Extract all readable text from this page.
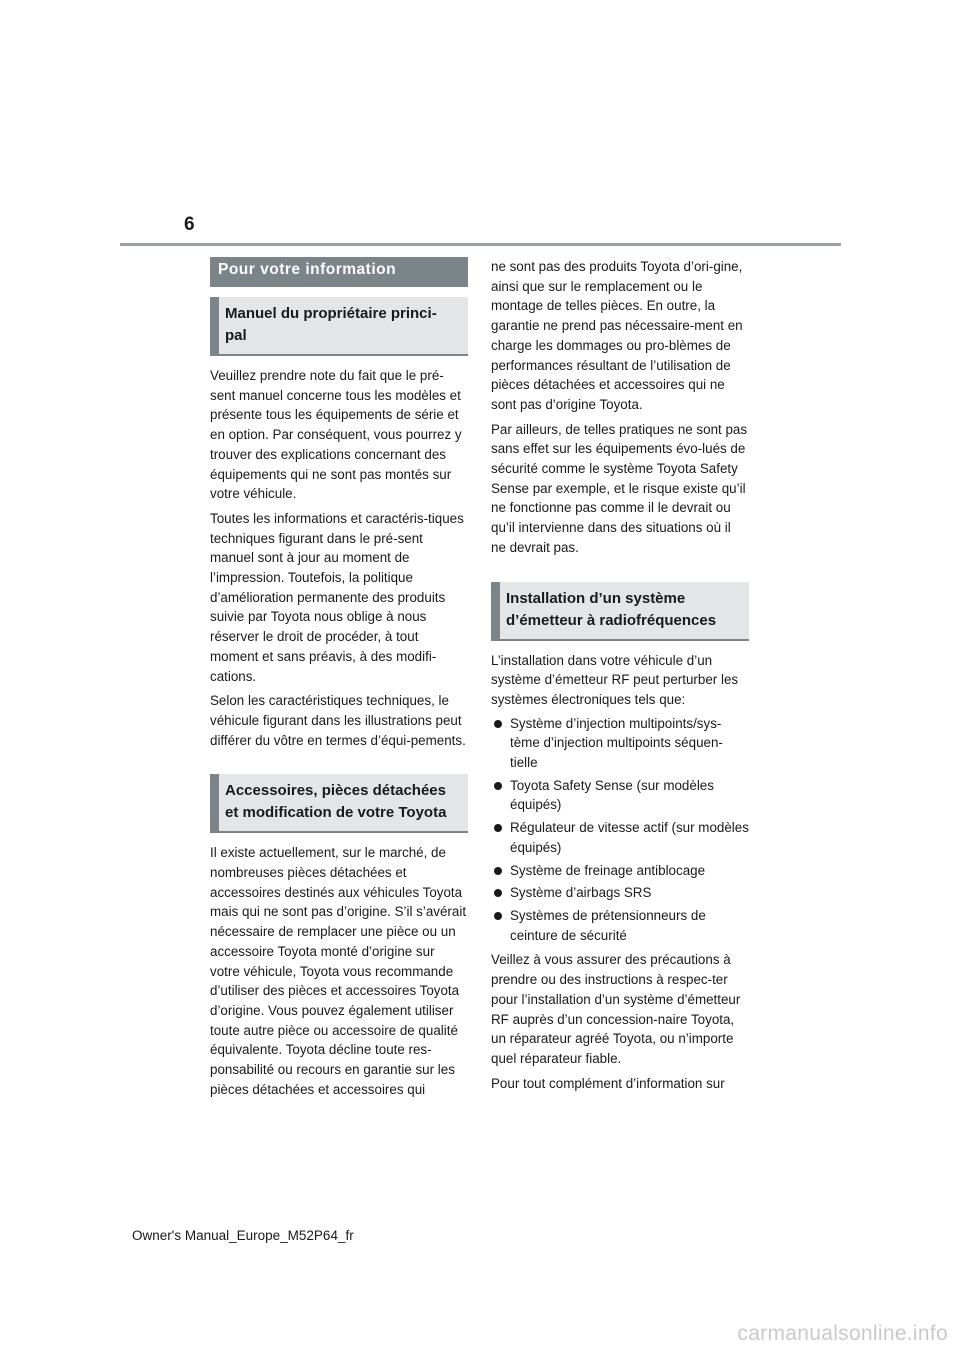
6
Pour votre information
Manuel du propriétaire princi-
pal

Veuillez prendre note du fait que le pré-sent manuel concerne tous les modèles et présente tous les équipements de série et en option. Par conséquent, vous pourrez y trouver des explications concernant des équipements qui ne sont pas montés sur votre véhicule.

Toutes les informations et caractéris-tiques techniques figurant dans le pré-sent manuel sont à jour au moment de l’impression. Toutefois, la politique d’amélioration permanente des produits suivie par Toyota nous oblige à nous réserver le droit de procéder, à tout moment et sans préavis, à des modifi-cations.

Selon les caractéristiques techniques, le véhicule figurant dans les illustrations peut différer du vôtre en termes d’équi-pements.

Accessoires, pièces détachées
et modification de votre Toyota

Il existe actuellement, sur le marché, de nombreuses pièces détachées et accessoires destinés aux véhicules Toyota mais qui ne sont pas d’origine. S’il s’avérait nécessaire de remplacer une pièce ou un accessoire Toyota monté d’origine sur votre véhicule, Toyota vous recommande d’utiliser des pièces et accessoires Toyota d’origine. Vous pouvez également utiliser toute autre pièce ou accessoire de qualité équivalente. Toyota décline toute res-ponsabilité ou recours en garantie sur les pièces détachées et accessoires qui

ne sont pas des produits Toyota d’ori-gine, ainsi que sur le remplacement ou le montage de telles pièces. En outre, la garantie ne prend pas nécessaire-ment en charge les dommages ou pro-blèmes de performances résultant de l’utilisation de pièces détachées et accessoires qui ne sont pas d’origine Toyota.

Par ailleurs, de telles pratiques ne sont pas sans effet sur les équipements évo-lués de sécurité comme le système Toyota Safety Sense par exemple, et le risque existe qu’il ne fonctionne pas comme il le devrait ou qu’il intervienne dans des situations où il ne devrait pas.

Installation d’un système
d’émetteur à radiofréquences

L’installation dans votre véhicule d’un système d’émetteur RF peut perturber les systèmes électroniques tels que:

Système d’injection multipoints/sys-tème d’injection multipoints séquen-tielle
Toyota Safety Sense (sur modèles équipés)
Régulateur de vitesse actif (sur modèles équipés)
Système de freinage antiblocage
Système d’airbags SRS
Systèmes de prétensionneurs de ceinture de sécurité

Veillez à vous assurer des précautions à prendre ou des instructions à respec-ter pour l’installation d’un système d’émetteur RF auprès d’un concession-naire Toyota, un réparateur agréé Toyota, ou n’importe quel réparateur fiable.

Pour tout complément d’information sur

Owner's Manual_Europe_M52P64_fr
carmanualsonline.info
